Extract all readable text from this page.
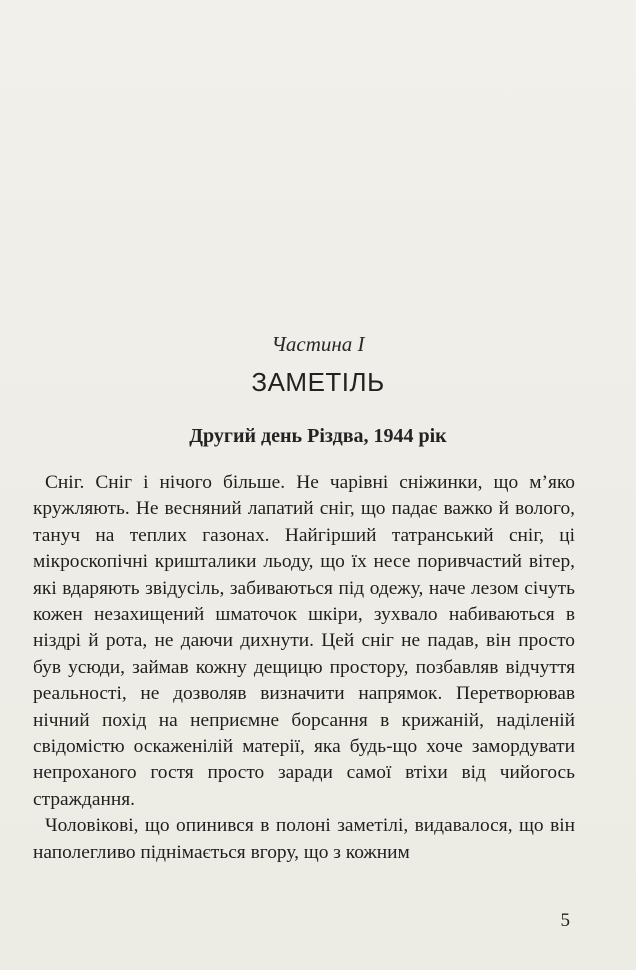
Частина І
ЗАМЕТІЛЬ
Другий день Різдва, 1944 рік

Сніг. Сніг і нічого більше. Не чарівні сніжинки, що м’яко кружляють. Не весняний лапатий сніг, що падає важко й волого, тануч на теплих газонах. Найгірший татранський сніг, ці мікроскопічні кришталики льоду, що їх несе поривчастий вітер, які вдаряють звідусіль, забиваються під одежу, наче лезом січуть кожен незахищений шматочок шкіри, зухвало набиваються в ніздрі й рота, не даючи дихнути. Цей сніг не падав, він просто був усюди, займав кожну дещицю простору, позбавляв відчуття реальності, не дозволяв визначити напрямок. Перетворював нічний похід на неприємне борсання в крижаній, наділеній свідомістю оскаженілій матерії, яка будь-що хоче замордувати непроханого гостя просто заради самої втіхи від чийогось страждання.

Чоловікові, що опинився в полоні заметілі, видавалося, що він наполегливо піднімається вгору, що з кожним

5
